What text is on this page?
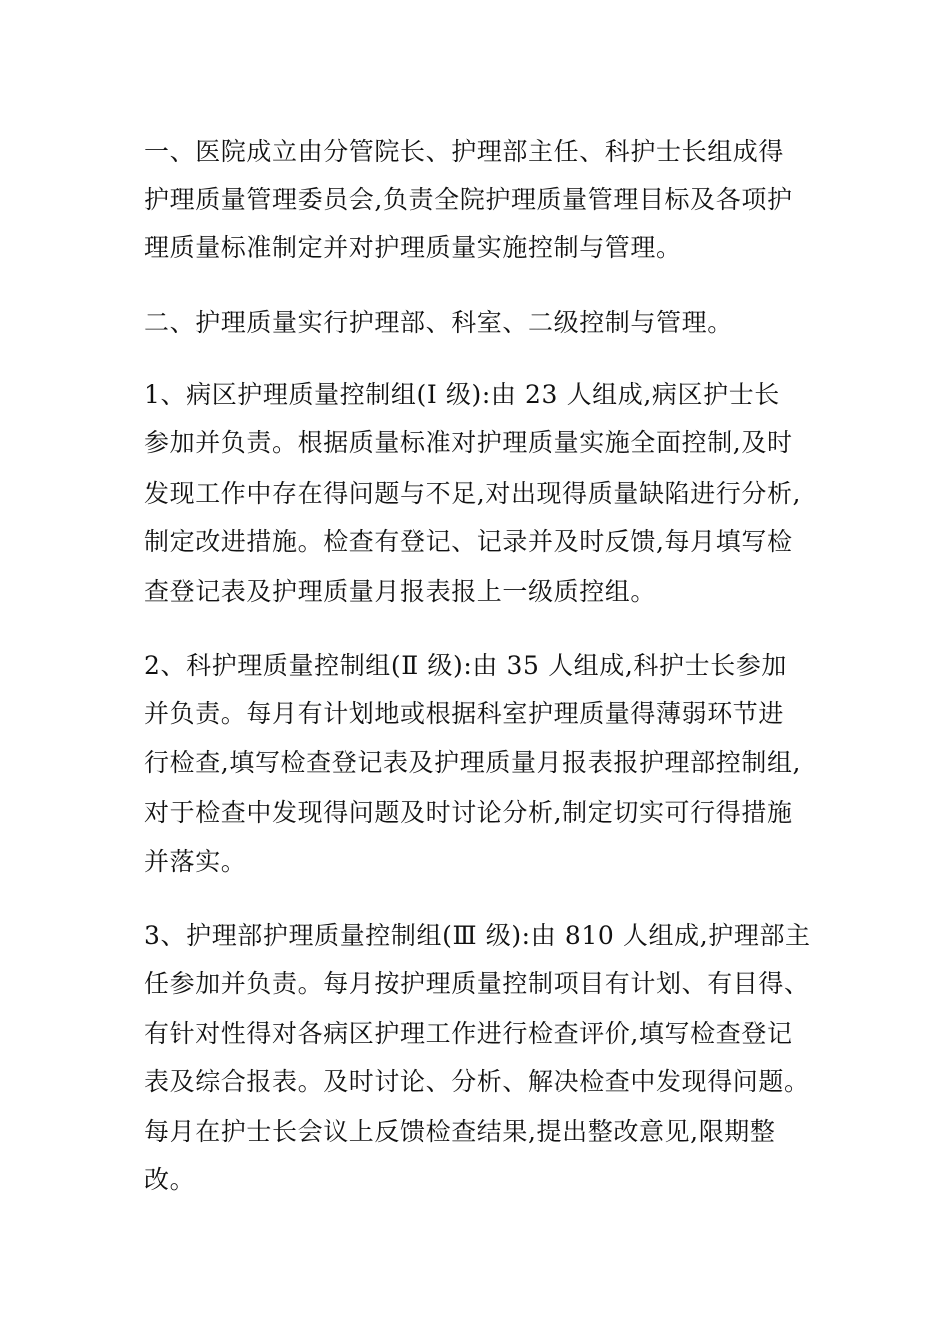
一、医院成立由分管院长、护理部主任、科护士长组成得
护理质量管理委员会,负责全院护理质量管理目标及各项护
理质量标准制定并对护理质量实施控制与管理。
二、护理质量实行护理部、科室、二级控制与管理。
1、病区护理质量控制组(Ⅰ 级):由 23 人组成,病区护士长
参加并负责。根据质量标准对护理质量实施全面控制,及时
发现工作中存在得问题与不足,对出现得质量缺陷进行分析,
制定改进措施。检查有登记、记录并及时反馈,每月填写检
查登记表及护理质量月报表报上一级质控组。
2、科护理质量控制组(Ⅱ 级):由 35 人组成,科护士长参加
并负责。每月有计划地或根据科室护理质量得薄弱环节进
行检查,填写检查登记表及护理质量月报表报护理部控制组,
对于检查中发现得问题及时讨论分析,制定切实可行得措施
并落实。
3、护理部护理质量控制组(Ⅲ 级):由 810 人组成,护理部主
任参加并负责。每月按护理质量控制项目有计划、有目得、
有针对性得对各病区护理工作进行检查评价,填写检查登记
表及综合报表。及时讨论、分析、解决检查中发现得问题。
每月在护士长会议上反馈检查结果,提出整改意见,限期整
改。
